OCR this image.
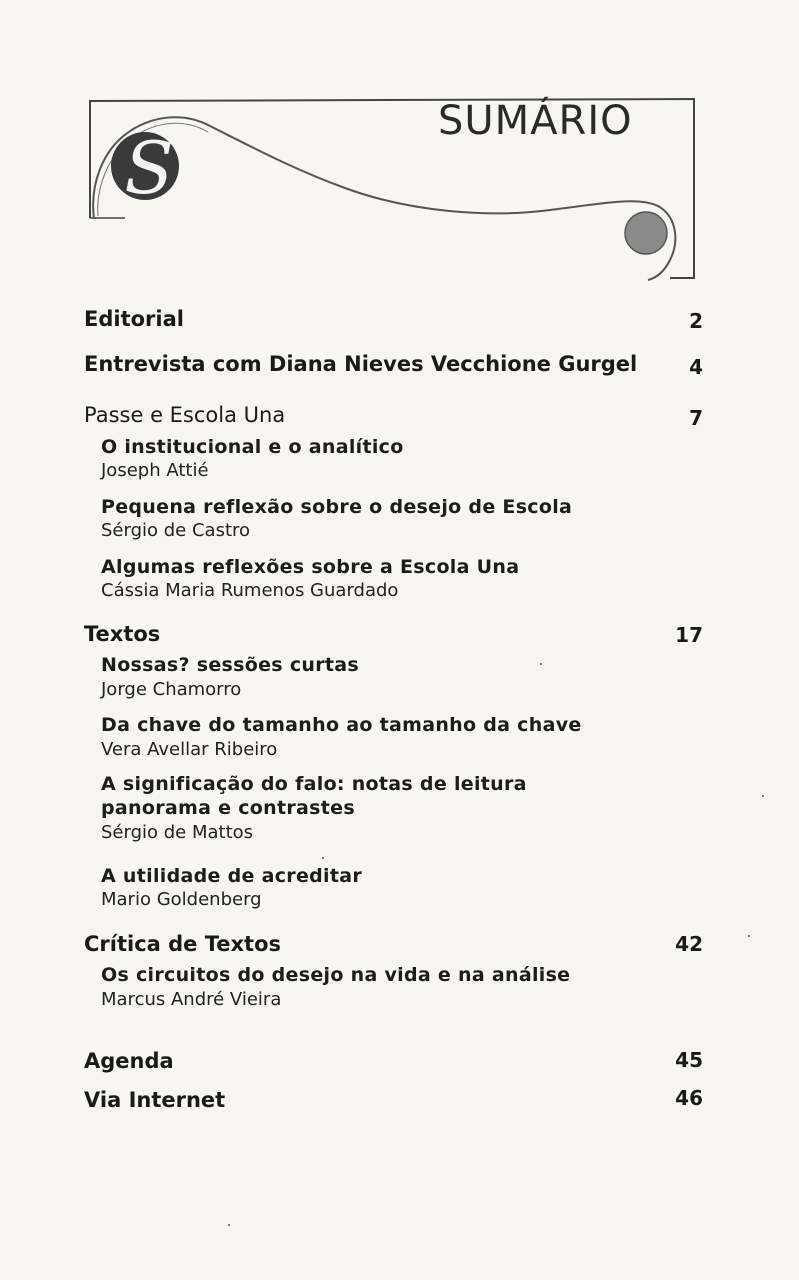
S
SUMÁRIO
Editorial	2
Entrevista com Diana Nieves Vecchione Gurgel	4
Passe e Escola Una	7
O institucional e o analítico
Joseph Attié
Pequena reflexão sobre o desejo de Escola
Sérgio de Castro
Algumas reflexões sobre a Escola Una
Cássia Maria Rumenos Guardado
Textos	17
Nossas? sessões curtas
Jorge Chamorro
Da chave do tamanho ao tamanho da chave
Vera Avellar Ribeiro
A significação do falo: notas de leitura
panorama e contrastes
Sérgio de Mattos
A utilidade de acreditar
Mario Goldenberg
Crítica de Textos	42
Os circuitos do desejo na vida e na análise
Marcus André Vieira
Agenda	45
Via Internet	46
